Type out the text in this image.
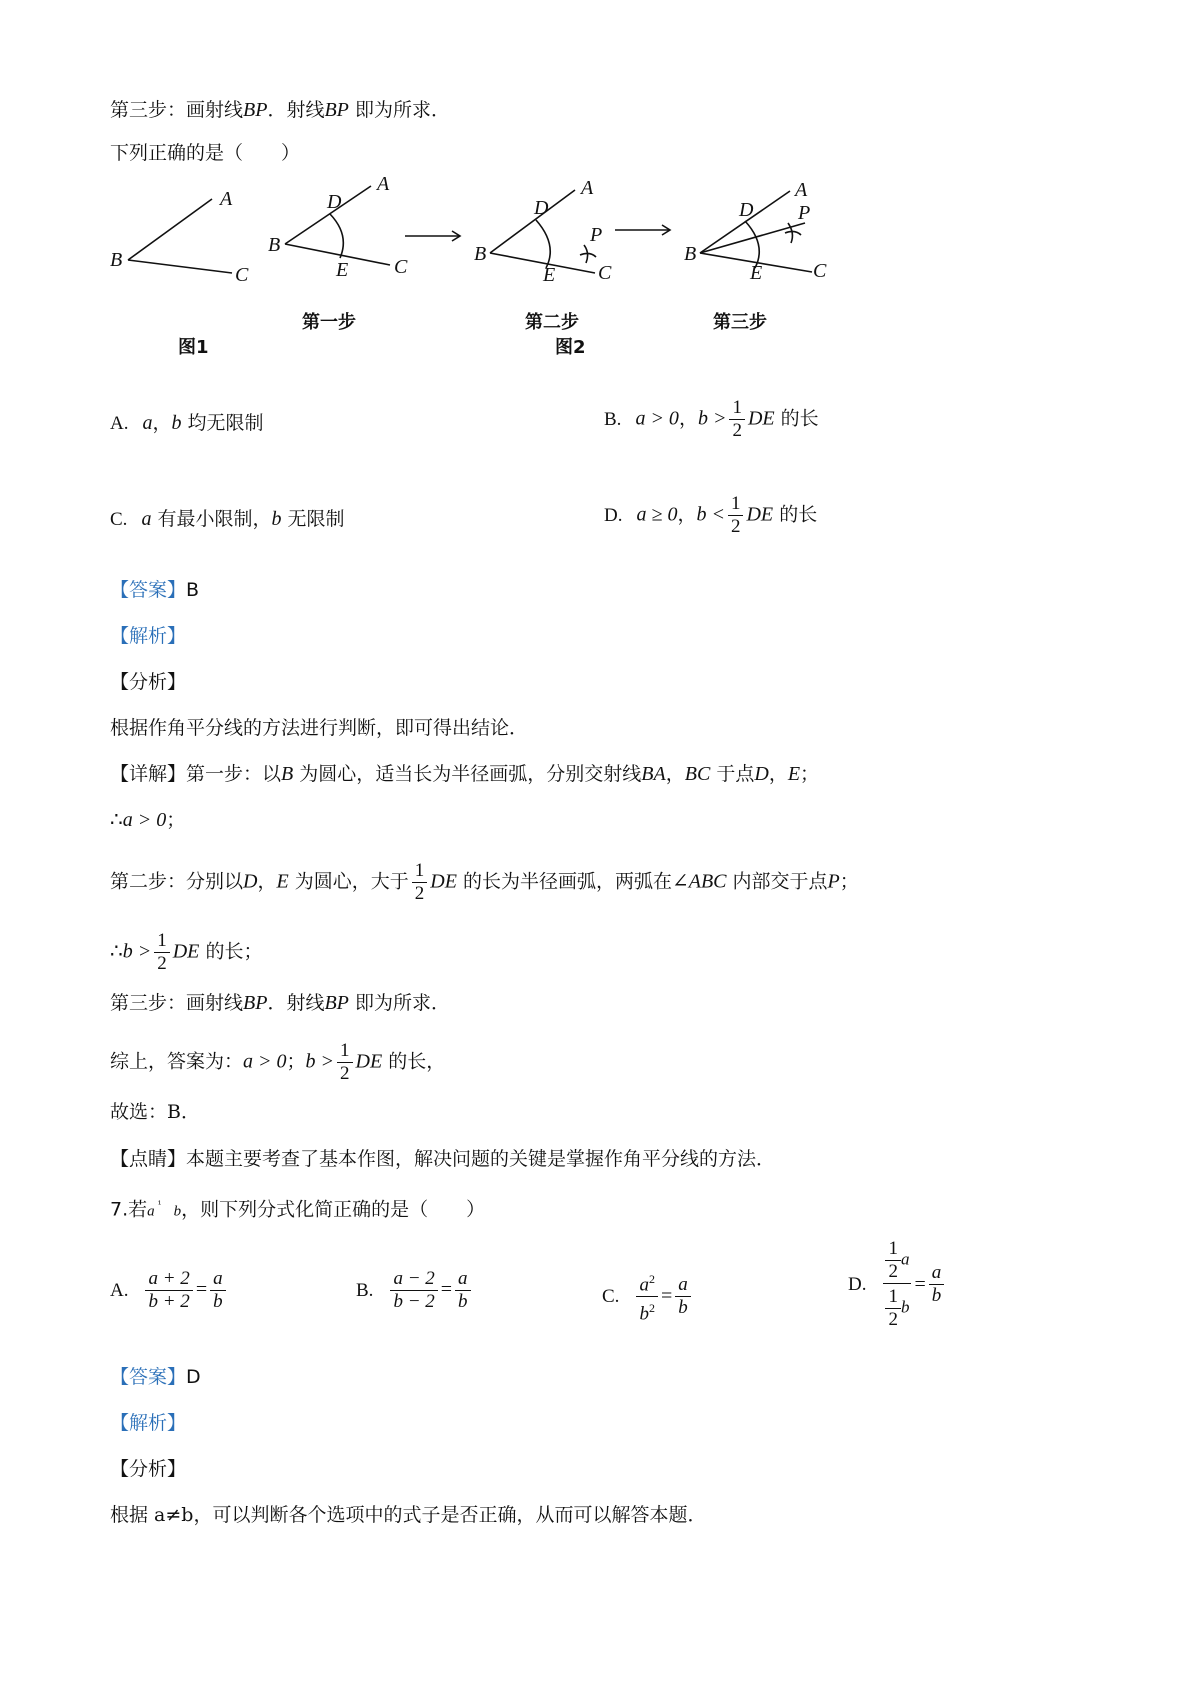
第三步：画射线BP．射线BP 即为所求．
下列正确的是（　　）
A
B
C
图1
A
B
C
D
E
第一步
A
B
C
D
E
P
第二步
图2
A
B
C
D
E
P
第三步
A. a，b 均无限制	B. a > 0，$b > \frac{1}{2}$ DE 的长
C. a 有最小限制，b 无限制	D. a ≥ 0，$b < \frac{1}{2}$ DE 的长
【答案】B
【解析】
【分析】
根据作角平分线的方法进行判断，即可得出结论．
【详解】第一步：以B 为圆心，适当长为半径画弧，分别交射线BA，BC 于点D，E；
∴a > 0；
第二步：分别以D，E 为圆心，大于 $\frac{1}{2}$ DE 的长为半径画弧，两弧在∠ABC 内部交于点P；
∴b > $\frac{1}{2}$ DE 的长；
第三步：画射线BP．射线BP 即为所求．
综上，答案为：a > 0；$b > \frac{1}{2}$ DE 的长，
故选：B．
【点睛】本题主要考查了基本作图，解决问题的关键是掌握作角平分线的方法．
7.若a $^{^1}$ b，则下列分式化简正确的是（　　）
A. $\frac{a + 2}{b + 2} = \frac{a}{b}$	B. $\frac{a - 2}{b - 2} = \frac{a}{b}$	C. $\frac{a^2}{b^2} = \frac{a}{b}$	D. $\frac{\frac{1}{2} a}{\frac{1}{2} b} = \frac{a}{b}$
【答案】D
【解析】
【分析】
根据 a≠b，可以判断各个选项中的式子是否正确，从而可以解答本题．
